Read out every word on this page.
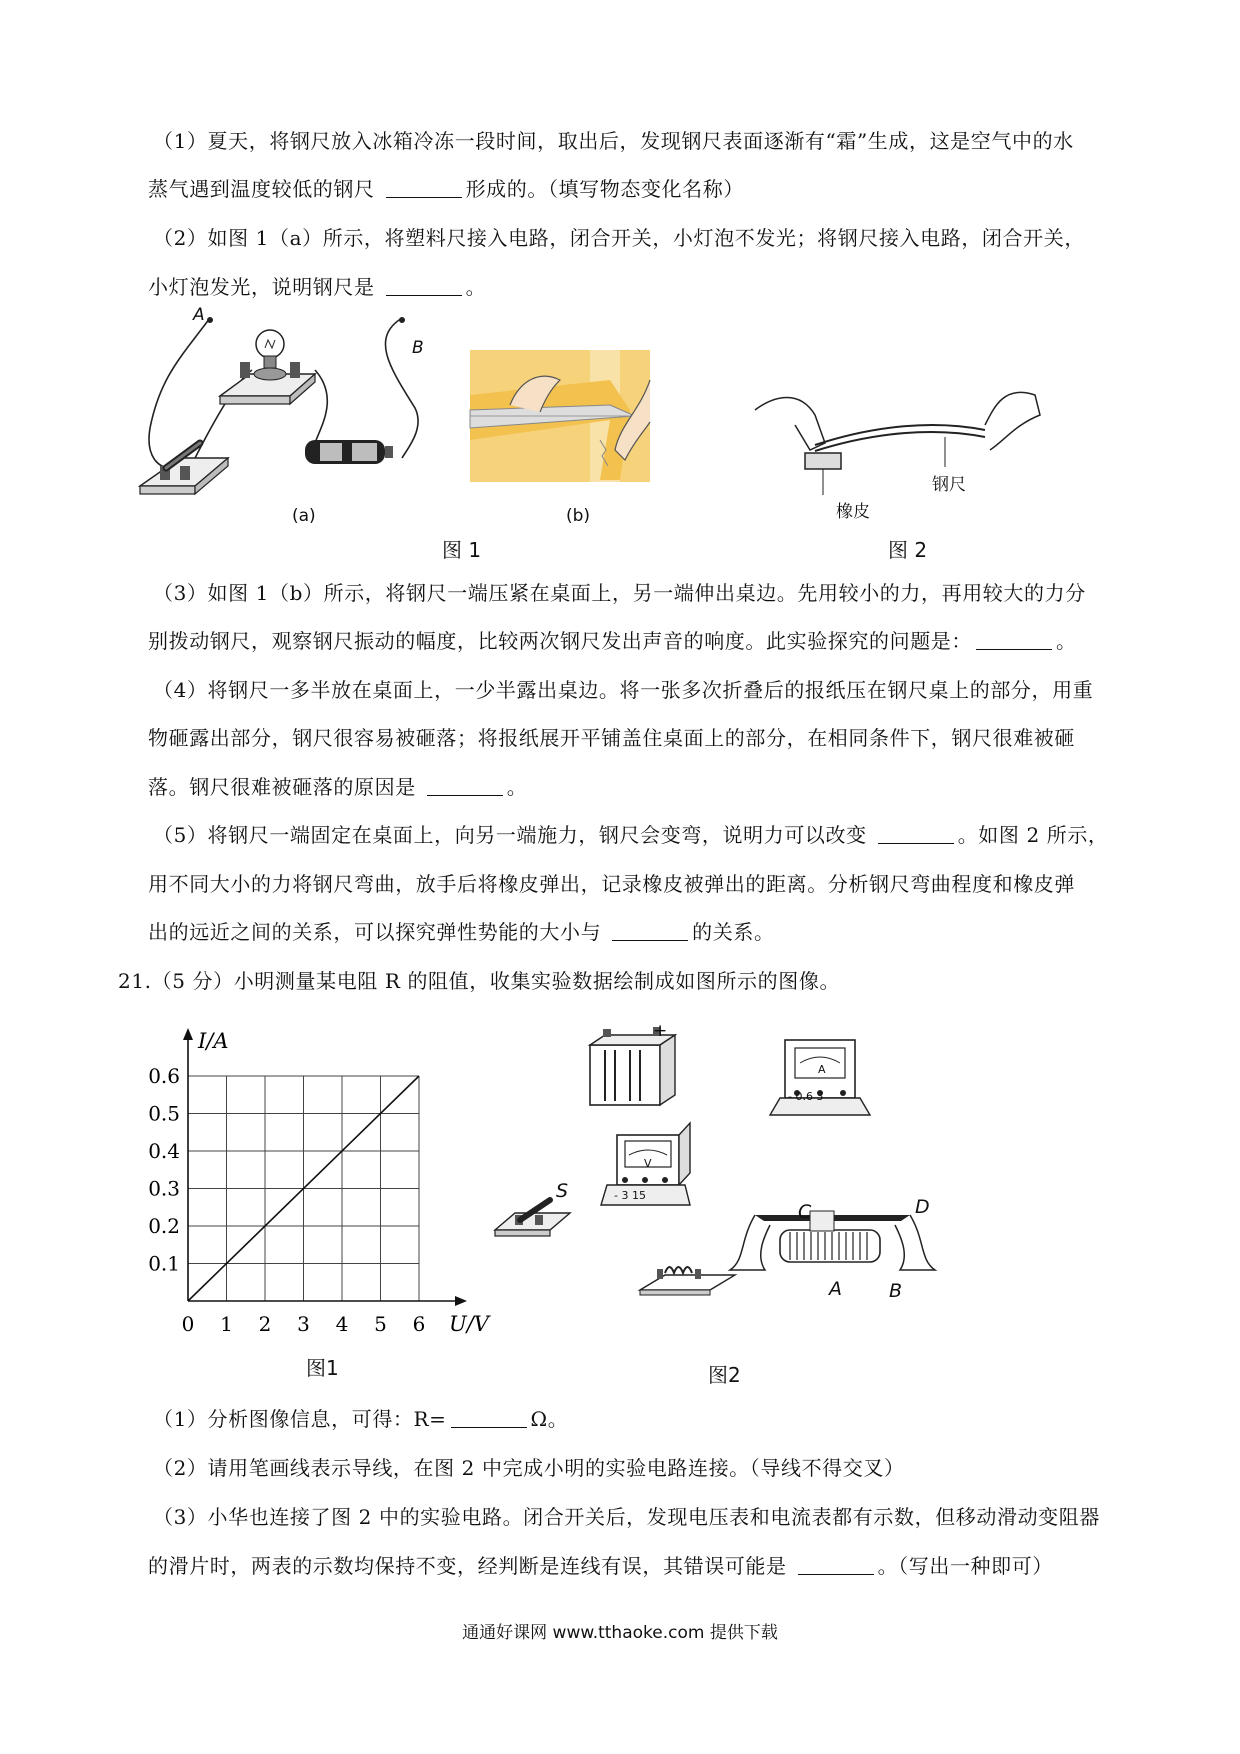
（1）夏天，将钢尺放入冰箱冷冻一段时间，取出后，发现钢尺表面逐渐有“霜”生成，这是空气中的水
蒸气遇到温度较低的钢尺	形成的。（填写物态变化名称）
（2）如图 1（a）所示，将塑料尺接入电路，闭合开关，小灯泡不发光；将钢尺接入电路，闭合开关，
小灯泡发光，说明钢尺是	。
A
B
(a)	(b)
图 1
钢尺
橡皮
图 2
（3）如图 1（b）所示，将钢尺一端压紧在桌面上，另一端伸出桌边。先用较小的力，再用较大的力分
别拨动钢尺，观察钢尺振动的幅度，比较两次钢尺发出声音的响度。此实验探究的问题是：	。
（4）将钢尺一多半放在桌面上，一少半露出桌边。将一张多次折叠后的报纸压在钢尺桌上的部分，用重
物砸露出部分，钢尺很容易被砸落；将报纸展开平铺盖住桌面上的部分，在相同条件下，钢尺很难被砸
落。钢尺很难被砸落的原因是	。
（5）将钢尺一端固定在桌面上，向另一端施力，钢尺会变弯，说明力可以改变	。如图 2 所示，
用不同大小的力将钢尺弯曲，放手后将橡皮弹出，记录橡皮被弹出的距离。分析钢尺弯曲程度和橡皮弹
出的远近之间的关系，可以探究弹性势能的大小与	的关系。
21.（5 分）小明测量某电阻 R 的阻值，收集实验数据绘制成如图所示的图像。
0 1 2 3 4 5 6
0.1
0.2
0.3
0.4
0.5
0.6
U/V
I/A
图1
+
A
- 0.6 3
V
- 3 15
S
C	D
A B
图2
（1）分析图像信息，可得：R=	Ω。
（2）请用笔画线表示导线，在图 2 中完成小明的实验电路连接。（导线不得交叉）
（3）小华也连接了图 2 中的实验电路。闭合开关后，发现电压表和电流表都有示数，但移动滑动变阻器
的滑片时，两表的示数均保持不变，经判断是连线有误，其错误可能是	。（写出一种即可）
通通好课网 www.tthaoke.com 提供下载
